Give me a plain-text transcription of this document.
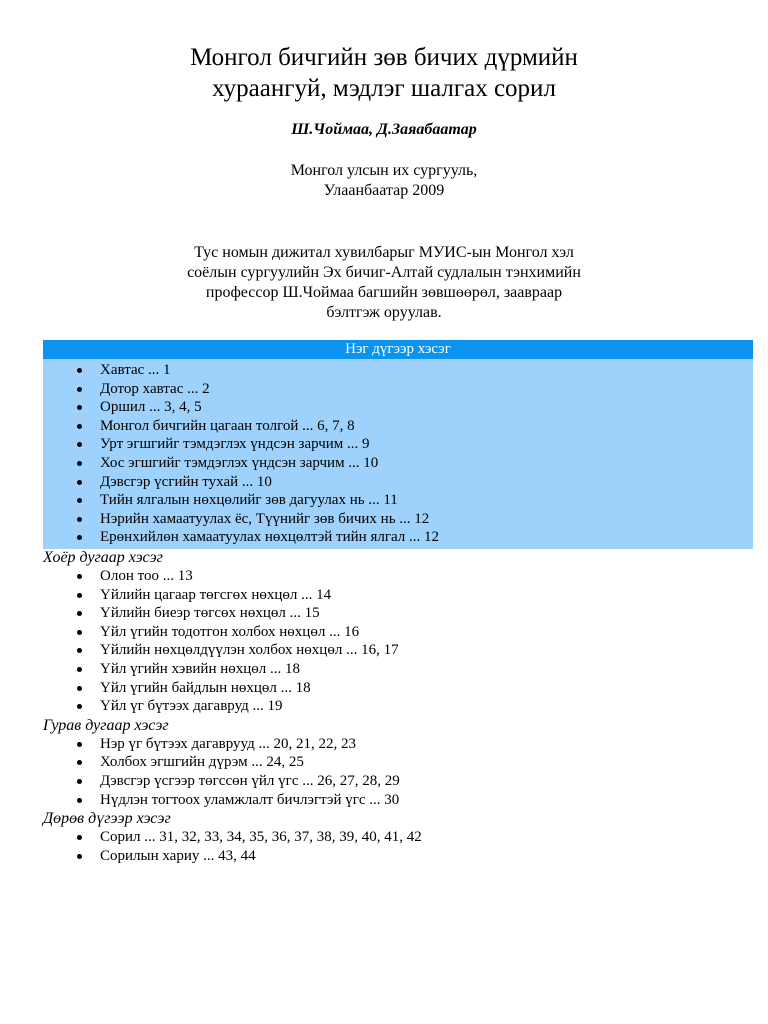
Монгол бичгийн зөв бичих дүрмийн
хураангуй, мэдлэг шалгах сорил
Ш.Чоймаа, Д.Заяабаатар
Монгол улсын их сургууль,
Улаанбаатар 2009
Тус номын дижитал хувилбарыг МУИС-ын Монгол хэл
соёлын сургуулийн Эх бичиг-Алтай судлалын тэнхимийн
профессор Ш.Чоймаа багшийн зөвшөөрөл, заавраар
бэлтгэж оруулав.
Нэг дүгээр хэсэг
Хавтас ... 1
Дотор хавтас ... 2
Оршил ... 3, 4, 5
Монгол бичгийн цагаан толгой ... 6, 7, 8
Урт эгшгийг тэмдэглэх үндсэн зарчим ... 9
Хос эгшгийг тэмдэглэх үндсэн зарчим ... 10
Дэвсгэр үсгийн тухай ... 10
Тийн ялгалын нөхцөлийг зөв дагуулах нь ... 11
Нэрийн хамаатуулах ёс, Түүнийг зөв бичих нь ... 12
Ерөнхийлөн хамаатуулах нөхцөлтэй тийн ялгал ... 12
Хоёр дугаар хэсэг
Олон тоо ... 13
Үйлийн цагаар төгсгөх нөхцөл ... 14
Үйлийн биеэр төгсөх нөхцөл ... 15
Үйл үгийн тодотгон холбох нөхцөл ... 16
Үйлийн нөхцөлдүүлэн холбох нөхцөл ... 16, 17
Үйл үгийн хэвийн нөхцөл ... 18
Үйл үгийн байдлын нөхцөл ... 18
Үйл үг бүтээх дагавруд ... 19
Гурав дугаар хэсэг
Нэр үг бүтээх дагаврууд ... 20, 21, 22, 23
Холбох эгшгийн дүрэм ... 24, 25
Дэвсгэр үсгээр төгссөн үйл үгс ... 26, 27, 28, 29
Нүдлэн тогтоох уламжлалт бичлэгтэй үгс ... 30
Дөрөв дүгээр хэсэг
Сорил ... 31, 32, 33, 34, 35, 36, 37, 38, 39, 40, 41, 42
Сорилын хариу ... 43, 44
